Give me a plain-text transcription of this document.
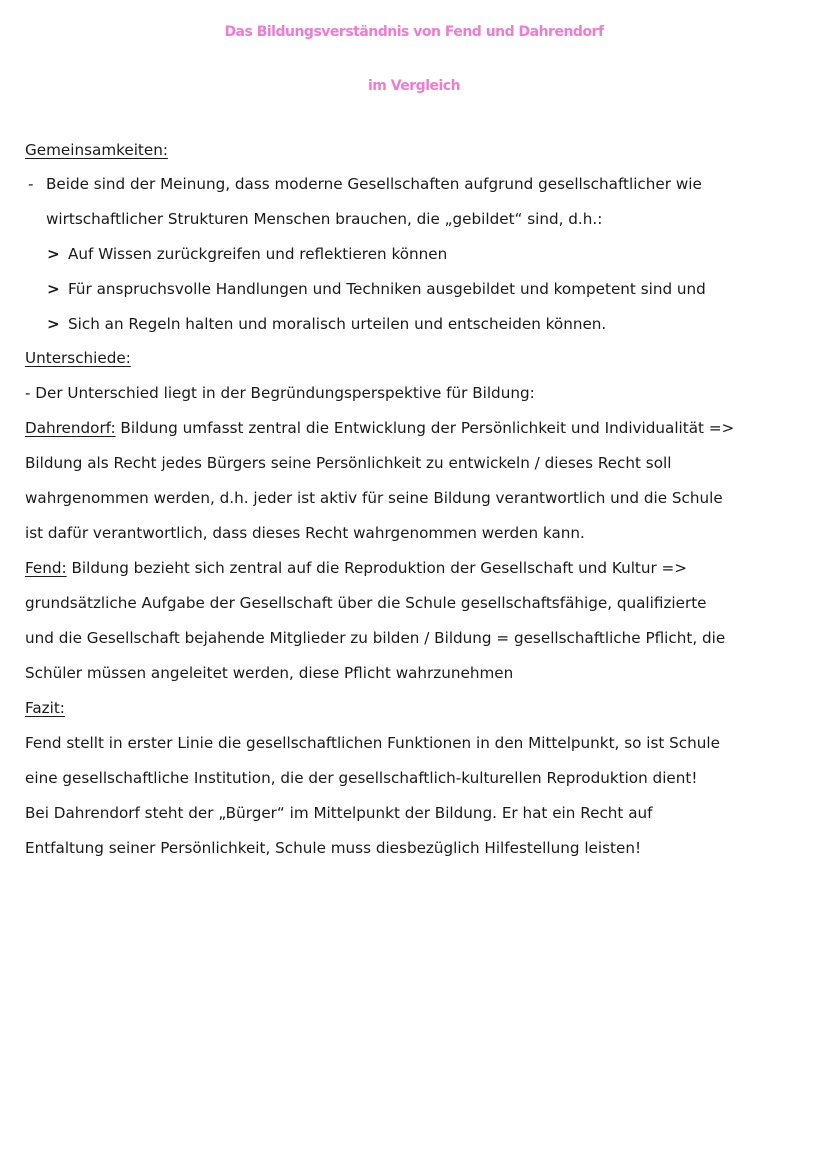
Das Bildungsverständnis von Fend und Dahrendorf
im Vergleich
Gemeinsamkeiten:
- Beide sind der Meinung, dass moderne Gesellschaften aufgrund gesellschaftlicher wie
wirtschaftlicher Strukturen Menschen brauchen, die „gebildet“ sind, d.h.:
> Auf Wissen zurückgreifen und reflektieren können
> Für anspruchsvolle Handlungen und Techniken ausgebildet und kompetent sind und
> Sich an Regeln halten und moralisch urteilen und entscheiden können.
Unterschiede:
- Der Unterschied liegt in der Begründungsperspektive für Bildung:
Dahrendorf: Bildung umfasst zentral die Entwicklung der Persönlichkeit und Individualität =>
Bildung als Recht jedes Bürgers seine Persönlichkeit zu entwickeln / dieses Recht soll
wahrgenommen werden, d.h. jeder ist aktiv für seine Bildung verantwortlich und die Schule
ist dafür verantwortlich, dass dieses Recht wahrgenommen werden kann.
Fend: Bildung bezieht sich zentral auf die Reproduktion der Gesellschaft und Kultur =>
grundsätzliche Aufgabe der Gesellschaft über die Schule gesellschaftsfähige, qualifizierte
und die Gesellschaft bejahende Mitglieder zu bilden / Bildung = gesellschaftliche Pflicht, die
Schüler müssen angeleitet werden, diese Pflicht wahrzunehmen
Fazit:
Fend stellt in erster Linie die gesellschaftlichen Funktionen in den Mittelpunkt, so ist Schule
eine gesellschaftliche Institution, die der gesellschaftlich-kulturellen Reproduktion dient!
Bei Dahrendorf steht der „Bürger“ im Mittelpunkt der Bildung. Er hat ein Recht auf
Entfaltung seiner Persönlichkeit, Schule muss diesbezüglich Hilfestellung leisten!
